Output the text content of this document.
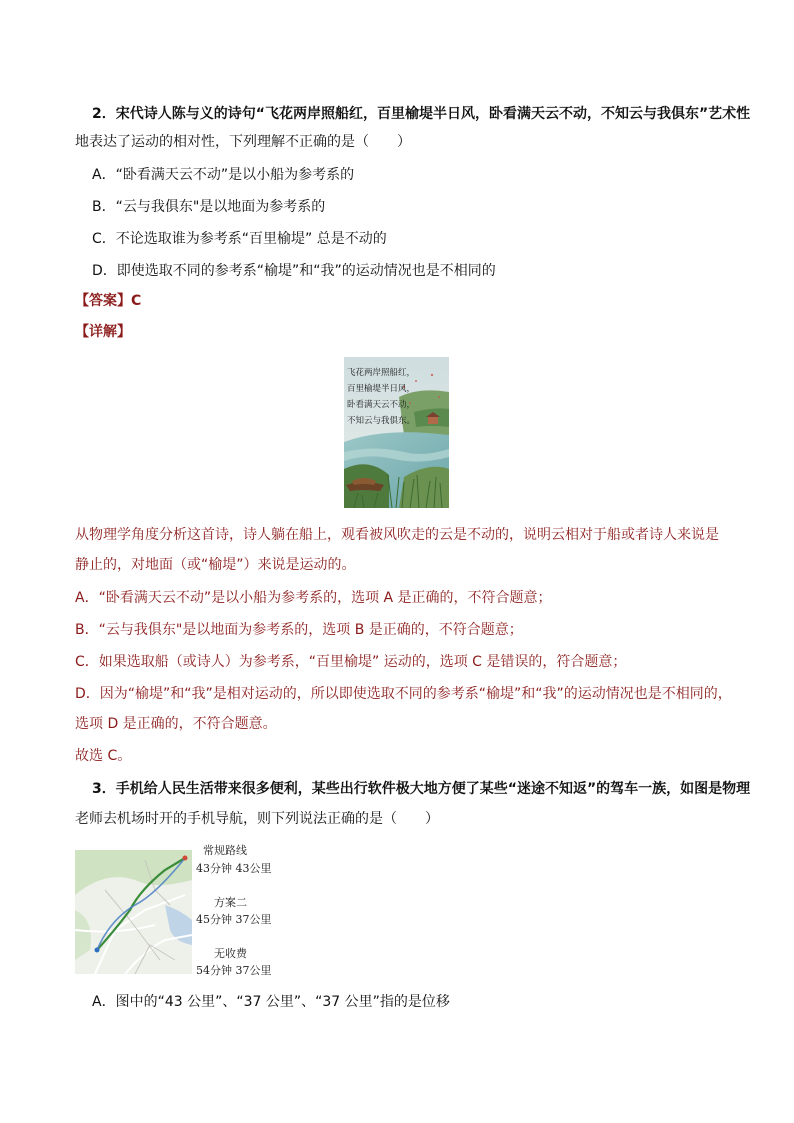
2．宋代诗人陈与义的诗句“飞花两岸照船红，百里榆堤半日风，卧看满天云不动，不知云与我俱东”艺术性
地表达了运动的相对性，下列理解不正确的是（　　）
A．“卧看满天云不动”是以小船为参考系的
B．“云与我俱东"是以地面为参考系的
C．不论选取谁为参考系“百里榆堤” 总是不动的
D．即使选取不同的参考系“榆堤”和“我”的运动情况也是不相同的
【答案】C
【详解】
飞花两岸照船红，
百里榆堤半日风，
卧看满天云不动，
不知云与我俱东。
从物理学角度分析这首诗，诗人躺在船上，观看被风吹走的云是不动的，说明云相对于船或者诗人来说是
静止的，对地面（或“榆堤”）来说是运动的。
A．“卧看满天云不动”是以小船为参考系的，选项 A 是正确的，不符合题意；
B．“云与我俱东"是以地面为参考系的，选项 B 是正确的，不符合题意；
C．如果选取船（或诗人）为参考系，“百里榆堤” 运动的，选项 C 是错误的，符合题意；
D．因为“榆堤”和“我”是相对运动的，所以即使选取不同的参考系“榆堤”和“我”的运动情况也是不相同的，
选项 D 是正确的，不符合题意。
故选 C。
3．手机给人民生活带来很多便利，某些出行软件极大地方便了某些“迷途不知返”的驾车一族，如图是物理
老师去机场时开的手机导航，则下列说法正确的是（　　）
常规路线
43分钟 43公里
方案二
45分钟 37公里
无收费
54分钟 37公里
A．图中的“43 公里”、“37 公里”、“37 公里”指的是位移
